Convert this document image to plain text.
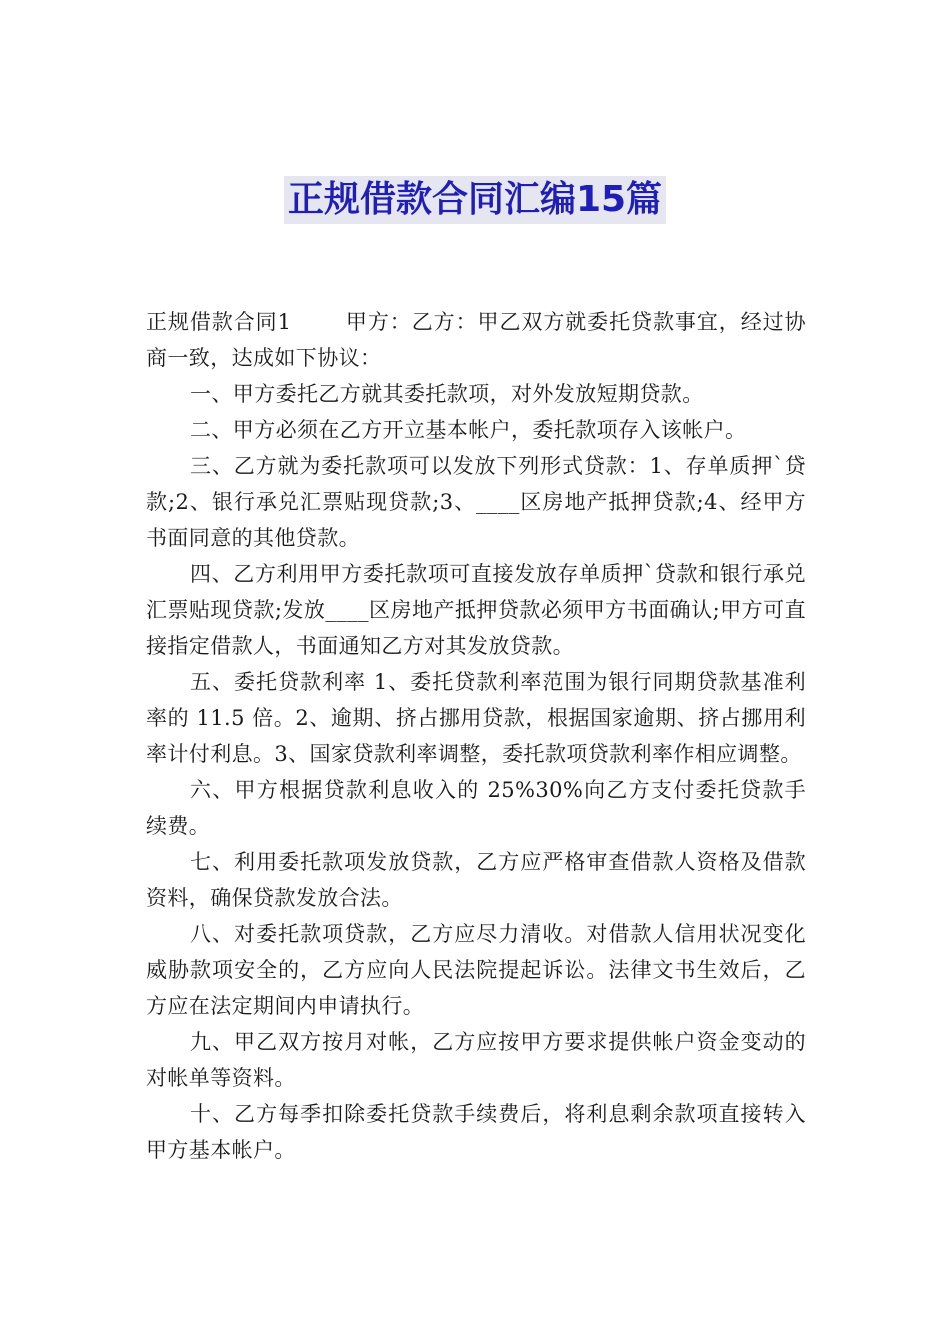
正规借款合同汇编15篇

正规借款合同1	甲方：乙方：甲乙双方就委托贷款事宜，经过协商一致，达成如下协议：

一、甲方委托乙方就其委托款项，对外发放短期贷款。

二、甲方必须在乙方开立基本帐户，委托款项存入该帐户。

三、乙方就为委托款项可以发放下列形式贷款：1、存单质押`贷款;2、银行承兑汇票贴现贷款;3、____区房地产抵押贷款;4、经甲方书面同意的其他贷款。

四、乙方利用甲方委托款项可直接发放存单质押`贷款和银行承兑汇票贴现贷款;发放____区房地产抵押贷款必须甲方书面确认;甲方可直接指定借款人，书面通知乙方对其发放贷款。

五、委托贷款利率 1、委托贷款利率范围为银行同期贷款基准利率的 11.5 倍。2、逾期、挤占挪用贷款，根据国家逾期、挤占挪用利率计付利息。3、国家贷款利率调整，委托款项贷款利率作相应调整。

六、甲方根据贷款利息收入的 25%30%向乙方支付委托贷款手续费。

七、利用委托款项发放贷款，乙方应严格审查借款人资格及借款资料，确保贷款发放合法。

八、对委托款项贷款，乙方应尽力清收。对借款人信用状况变化威胁款项安全的，乙方应向人民法院提起诉讼。法律文书生效后，乙方应在法定期间内申请执行。

九、甲乙双方按月对帐，乙方应按甲方要求提供帐户资金变动的对帐单等资料。

十、乙方每季扣除委托贷款手续费后，将利息剩余款项直接转入甲方基本帐户。
